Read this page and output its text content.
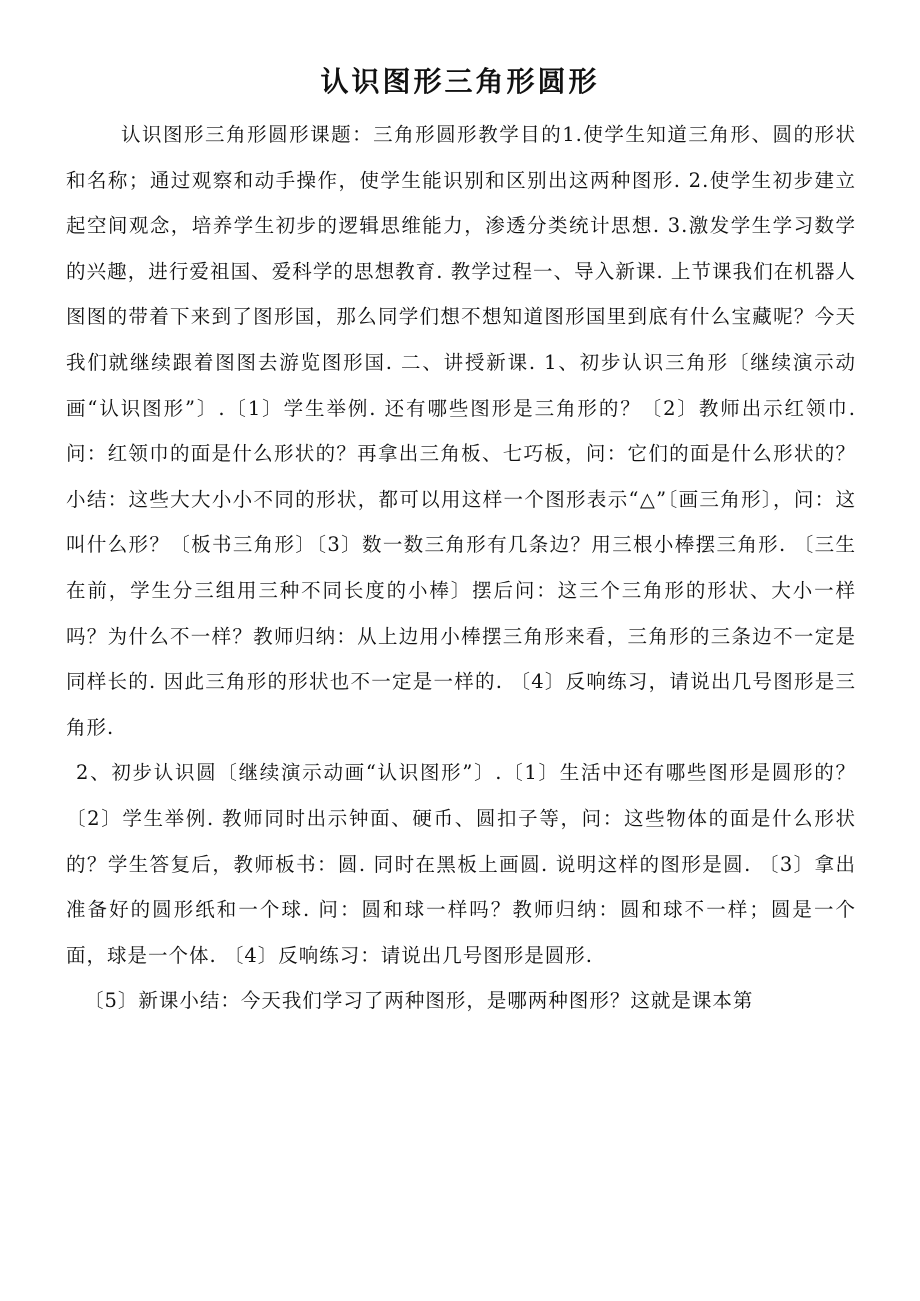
认识图形三角形圆形

认识图形三角形圆形课题：三角形圆形教学目的1.使学生知道三角形、圆的形状和名称；通过观察和动手操作，使学生能识别和区别出这两种图形. 2.使学生初步建立起空间观念，培养学生初步的逻辑思维能力，渗透分类统计思想. 3.激发学生学习数学的兴趣，进行爱祖国、爱科学的思想教育. 教学过程一、导入新课. 上节课我们在机器人图图的带着下来到了图形国，那么同学们想不想知道图形国里到底有什么宝藏呢？今天我们就继续跟着图图去游览图形国. 二、讲授新课. 1、初步认识三角形〔继续演示动画“认识图形”〕.〔1〕学生举例. 还有哪些图形是三角形的？〔2〕教师出示红领巾. 问：红领巾的面是什么形状的？再拿出三角板、七巧板，问：它们的面是什么形状的？小结：这些大大小小不同的形状，都可以用这样一个图形表示“△”〔画三角形〕，问：这叫什么形？〔板书三角形〕〔3〕数一数三角形有几条边？用三根小棒摆三角形. 〔三生在前，学生分三组用三种不同长度的小棒〕摆后问：这三个三角形的形状、大小一样吗？为什么不一样？教师归纳：从上边用小棒摆三角形来看，三角形的三条边不一定是同样长的. 因此三角形的形状也不一定是一样的. 〔4〕反响练习，请说出几号图形是三角形.

2、初步认识圆〔继续演示动画“认识图形”〕.〔1〕生活中还有哪些图形是圆形的？〔2〕学生举例. 教师同时出示钟面、硬币、圆扣子等，问：这些物体的面是什么形状的？学生答复后，教师板书：圆. 同时在黑板上画圆. 说明这样的图形是圆. 〔3〕拿出准备好的圆形纸和一个球. 问：圆和球一样吗？教师归纳：圆和球不一样；圆是一个面，球是一个体. 〔4〕反响练习：请说出几号图形是圆形.

〔5〕新课小结：今天我们学习了两种图形，是哪两种图形？这就是课本第
